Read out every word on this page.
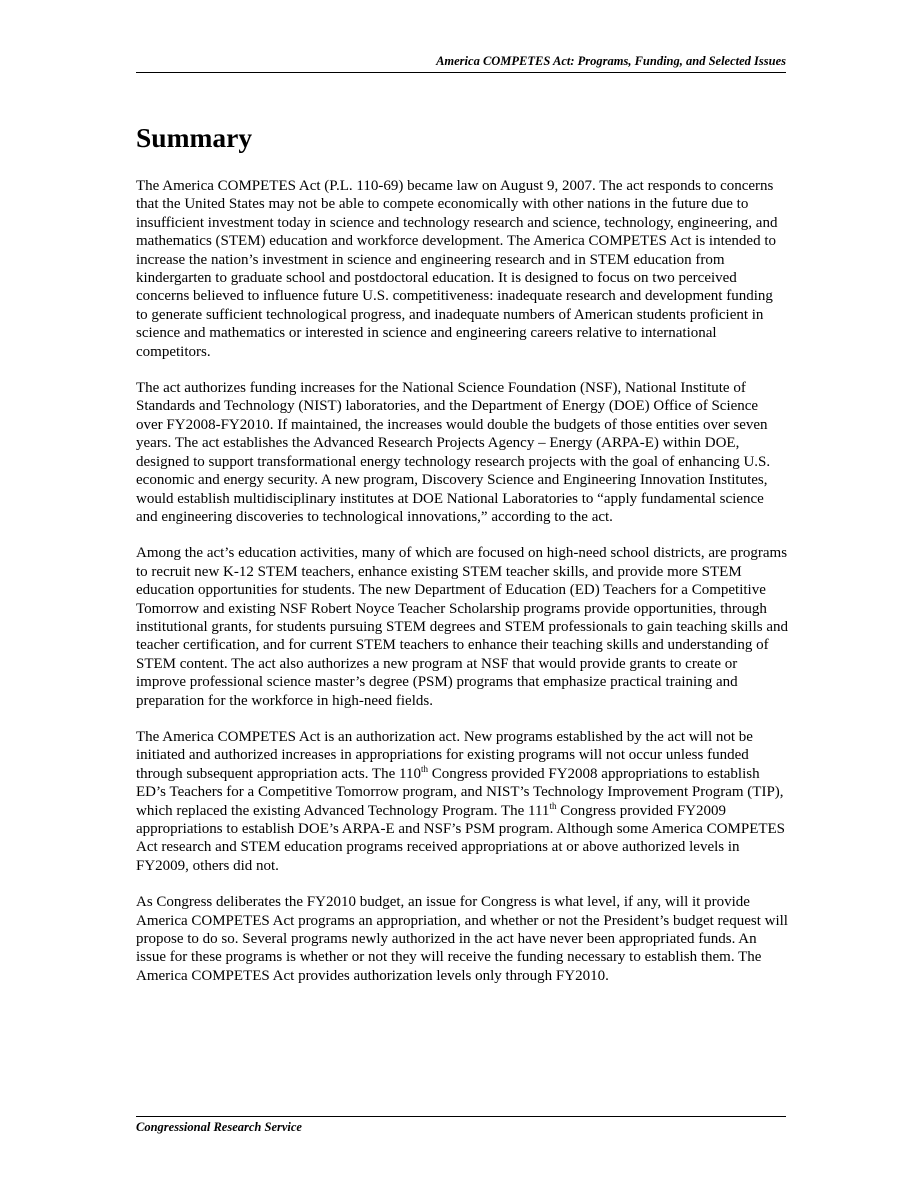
America COMPETES Act: Programs, Funding, and Selected Issues
Summary

The America COMPETES Act (P.L. 110-69) became law on August 9, 2007. The act responds to concerns that the United States may not be able to compete economically with other nations in the future due to insufficient investment today in science and technology research and science, technology, engineering, and mathematics (STEM) education and workforce development. The America COMPETES Act is intended to increase the nation’s investment in science and engineering research and in STEM education from kindergarten to graduate school and postdoctoral education. It is designed to focus on two perceived concerns believed to influence future U.S. competitiveness: inadequate research and development funding to generate sufficient technological progress, and inadequate numbers of American students proficient in science and mathematics or interested in science and engineering careers relative to international competitors.

The act authorizes funding increases for the National Science Foundation (NSF), National Institute of Standards and Technology (NIST) laboratories, and the Department of Energy (DOE) Office of Science over FY2008-FY2010. If maintained, the increases would double the budgets of those entities over seven years. The act establishes the Advanced Research Projects Agency – Energy (ARPA-E) within DOE, designed to support transformational energy technology research projects with the goal of enhancing U.S. economic and energy security. A new program, Discovery Science and Engineering Innovation Institutes, would establish multidisciplinary institutes at DOE National Laboratories to “apply fundamental science and engineering discoveries to technological innovations,” according to the act.

Among the act’s education activities, many of which are focused on high-need school districts, are programs to recruit new K-12 STEM teachers, enhance existing STEM teacher skills, and provide more STEM education opportunities for students. The new Department of Education (ED) Teachers for a Competitive Tomorrow and existing NSF Robert Noyce Teacher Scholarship programs provide opportunities, through institutional grants, for students pursuing STEM degrees and STEM professionals to gain teaching skills and teacher certification, and for current STEM teachers to enhance their teaching skills and understanding of STEM content. The act also authorizes a new program at NSF that would provide grants to create or improve professional science master’s degree (PSM) programs that emphasize practical training and preparation for the workforce in high-need fields.

The America COMPETES Act is an authorization act. New programs established by the act will not be initiated and authorized increases in appropriations for existing programs will not occur unless funded through subsequent appropriation acts. The 110th Congress provided FY2008 appropriations to establish ED’s Teachers for a Competitive Tomorrow program, and NIST’s Technology Improvement Program (TIP), which replaced the existing Advanced Technology Program. The 111th Congress provided FY2009 appropriations to establish DOE’s ARPA-E and NSF’s PSM program. Although some America COMPETES Act research and STEM education programs received appropriations at or above authorized levels in FY2009, others did not.

As Congress deliberates the FY2010 budget, an issue for Congress is what level, if any, will it provide America COMPETES Act programs an appropriation, and whether or not the President’s budget request will propose to do so. Several programs newly authorized in the act have never been appropriated funds. An issue for these programs is whether or not they will receive the funding necessary to establish them. The America COMPETES Act provides authorization levels only through FY2010.

Congressional Research Service
